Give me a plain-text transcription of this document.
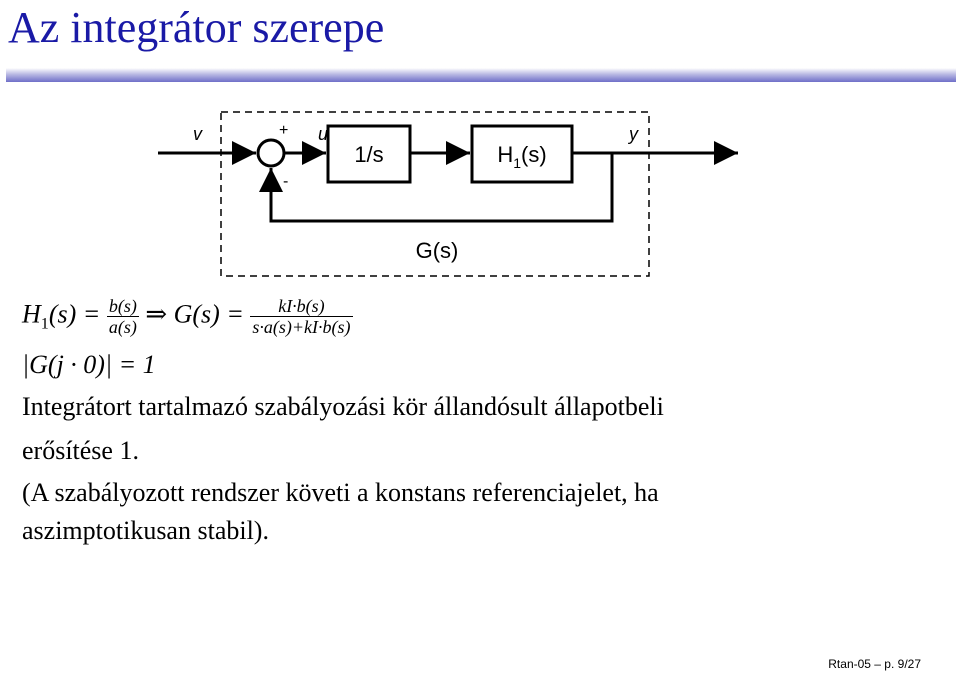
Az integrátor szerepe
v	+
-
u
1/s	$H_1(s)$
y
G(s)
$H_1(s) = \frac{b(s)}{a(s)}$ ⇒ $G(s) = \frac{kI\cdot b(s)}{s\cdot a(s)+kI\cdot b(s)}$
|G(j · 0)| = 1
Integrátort tartalmazó szabályozási kör állandósult állapotbeli
erősítése 1.
(A szabályozott rendszer követi a konstans referenciajelet, ha
aszimptotikusan stabil).
Rtan-05 – p. 9/27
